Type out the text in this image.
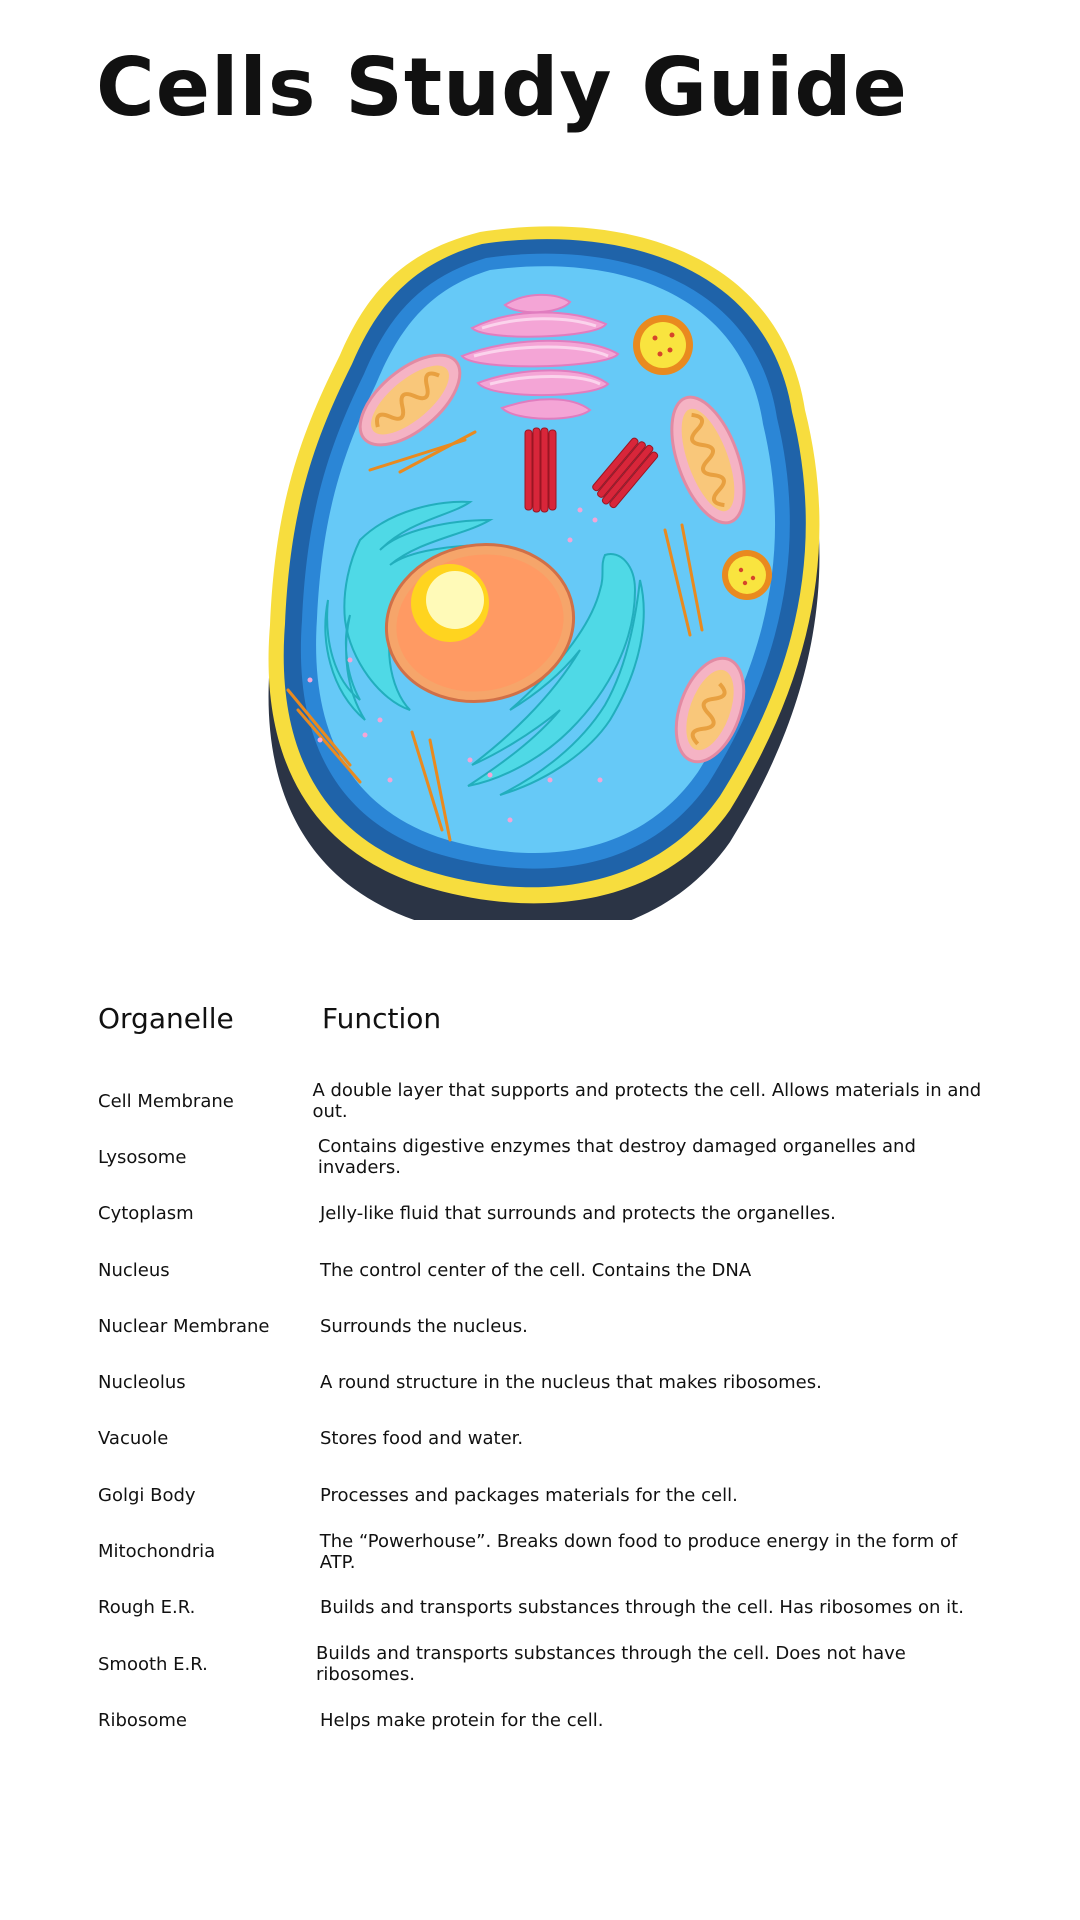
Cells Study Guide
Organelle	Function
Cell Membrane	A double layer that supports and protects the cell. Allows materials in and out.
Lysosome	Contains digestive enzymes that destroy damaged organelles and invaders.
Cytoplasm	Jelly-like fluid that surrounds and protects the organelles.
Nucleus	The control center of the cell. Contains the DNA
Nuclear Membrane	Surrounds the nucleus.
Nucleolus	A round structure in the nucleus that makes ribosomes.
Vacuole	Stores food and water.
Golgi Body	Processes and packages materials for the cell.
Mitochondria	The “Powerhouse”. Breaks down food to produce energy in the form of ATP.
Rough E.R.	Builds and transports substances through the cell. Has ribosomes on it.
Smooth E.R.	Builds and transports substances through the cell. Does not have ribosomes.
Ribosome	Helps make protein for the cell.
